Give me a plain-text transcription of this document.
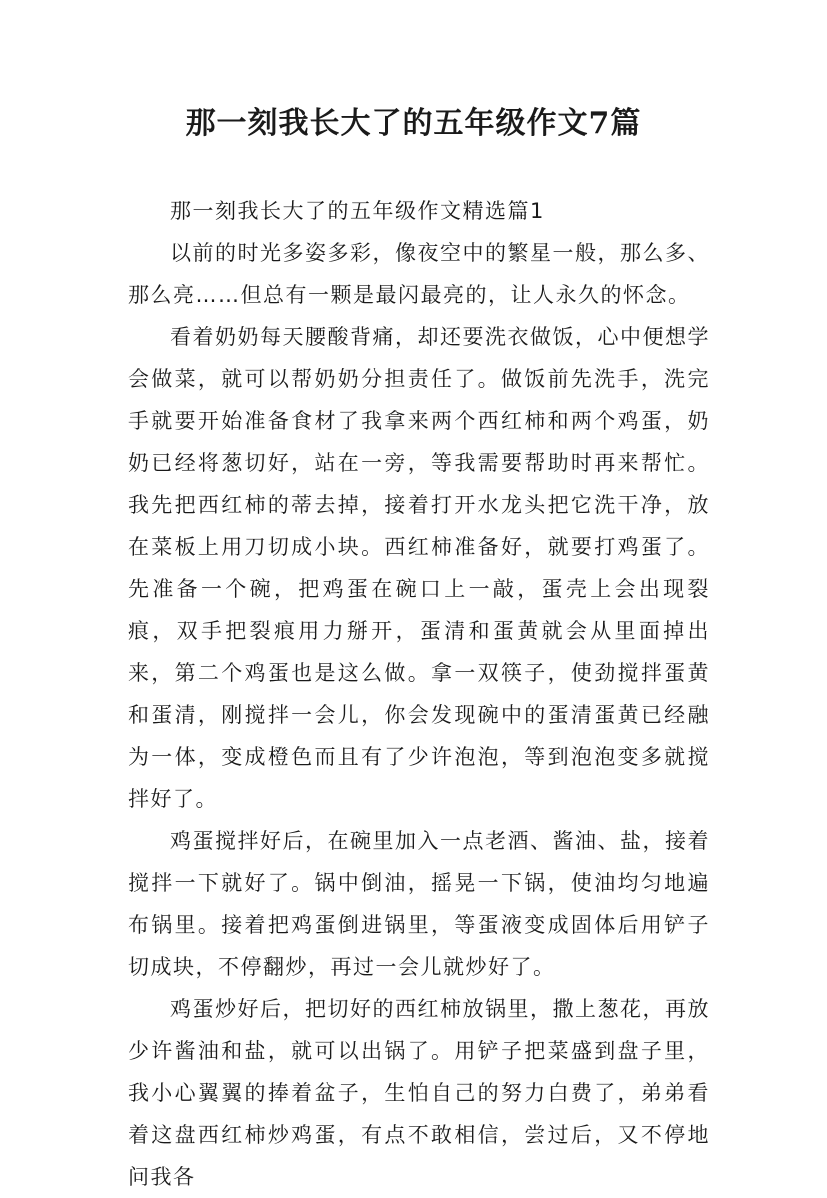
那一刻我长大了的五年级作文7篇

那一刻我长大了的五年级作文精选篇1

以前的时光多姿多彩，像夜空中的繁星一般，那么多、那么亮……但总有一颗是最闪最亮的，让人永久的怀念。

看着奶奶每天腰酸背痛，却还要洗衣做饭，心中便想学会做菜，就可以帮奶奶分担责任了。做饭前先洗手，洗完手就要开始准备食材了我拿来两个西红柿和两个鸡蛋，奶奶已经将葱切好，站在一旁，等我需要帮助时再来帮忙。我先把西红柿的蒂去掉，接着打开水龙头把它洗干净，放在菜板上用刀切成小块。西红柿准备好，就要打鸡蛋了。先准备一个碗，把鸡蛋在碗口上一敲，蛋壳上会出现裂痕，双手把裂痕用力掰开，蛋清和蛋黄就会从里面掉出来，第二个鸡蛋也是这么做。拿一双筷子，使劲搅拌蛋黄和蛋清，刚搅拌一会儿，你会发现碗中的蛋清蛋黄已经融为一体，变成橙色而且有了少许泡泡，等到泡泡变多就搅拌好了。

鸡蛋搅拌好后，在碗里加入一点老酒、酱油、盐，接着搅拌一下就好了。锅中倒油，摇晃一下锅，使油均匀地遍布锅里。接着把鸡蛋倒进锅里，等蛋液变成固体后用铲子切成块，不停翻炒，再过一会儿就炒好了。

鸡蛋炒好后，把切好的西红柿放锅里，撒上葱花，再放少许酱油和盐，就可以出锅了。用铲子把菜盛到盘子里，我小心翼翼的捧着盆子，生怕自己的努力白费了，弟弟看着这盘西红柿炒鸡蛋，有点不敢相信，尝过后，又不停地问我各
